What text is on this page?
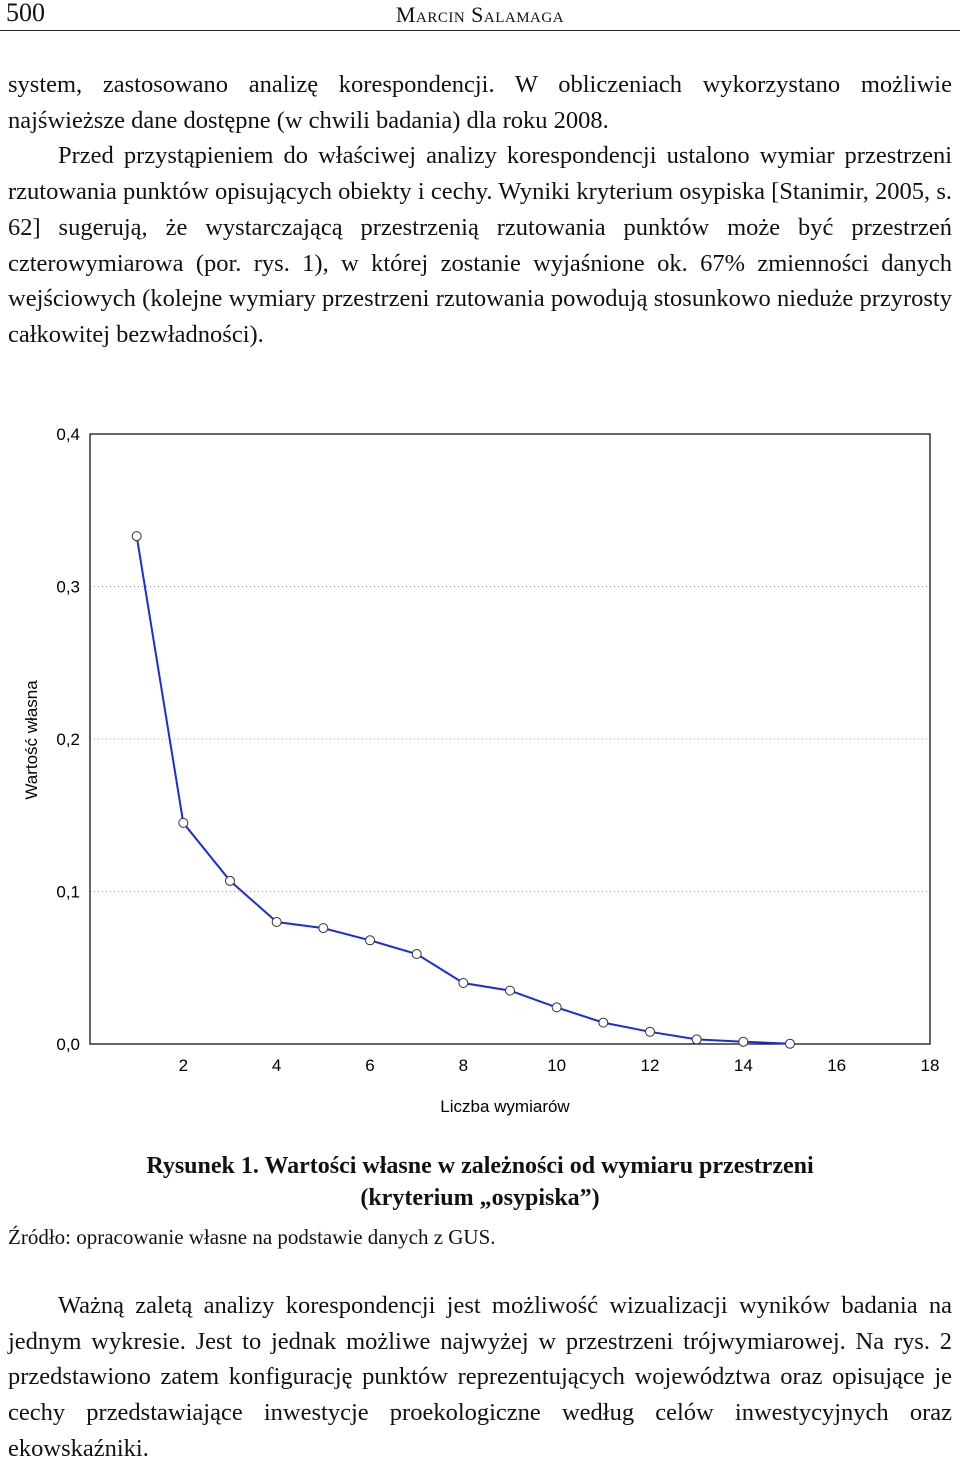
500	Marcin Salamaga

system, zastosowano analizę korespondencji. W obliczeniach wykorzystano możliwie najświeższe dane dostępne (w chwili badania) dla roku 2008.
Przed przystąpieniem do właściwej analizy korespondencji ustalono wymiar przestrzeni rzutowania punktów opisujących obiekty i cechy. Wyniki kryterium osypiska [Stanimir, 2005, s. 62] sugerują, że wystarczającą przestrzenią rzutowania punktów może być przestrzeń czterowymiarowa (por. rys. 1), w której zostanie wyjaśnione ok. 67% zmienności danych wejściowych (kolejne wymiary przestrzeni rzutowania powodują stosunkowo nieduże przyrosty całkowitej bezwładności).

0,0
0,1
0,2
0,3
0,4
2	4	6	8	10	12	14	16	18
Liczba wymiarów
Wartość własna
Rysunek 1. Wartości własne w zależności od wymiaru przestrzeni
(kryterium „osypiska”)
Źródło: opracowanie własne na podstawie danych z GUS.

Ważną zaletą analizy korespondencji jest możliwość wizualizacji wyników badania na jednym wykresie. Jest to jednak możliwe najwyżej w przestrzeni trójwymiarowej. Na rys. 2 przedstawiono zatem konfigurację punktów reprezentujących województwa oraz opisujące je cechy przedstawiające inwestycje proekologiczne według celów inwestycyjnych oraz ekowskaźniki.
